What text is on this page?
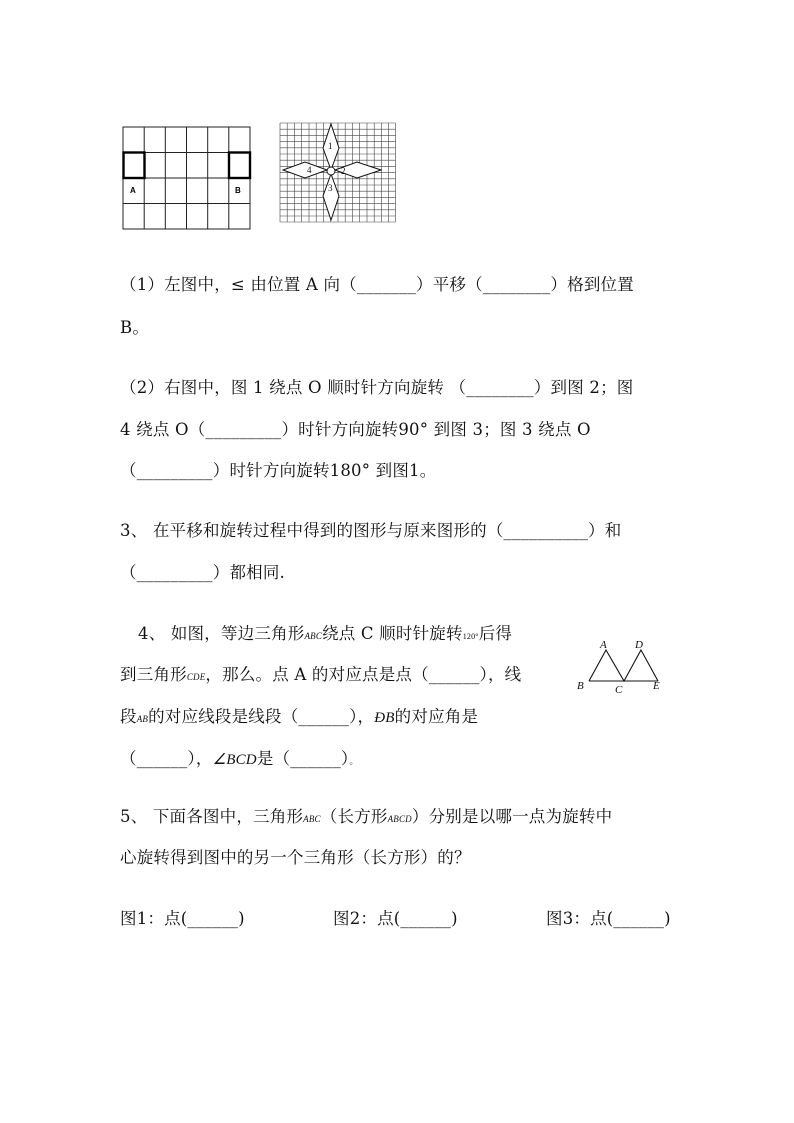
A	B
1
2
3
4
（1）左图中，≤ 由位置 A 向（_______）平移（________）格到位置
B。
（2）右图中，图 1 绕点 O 顺时针方向旋转 （________）到图 2；图
4 绕点 O（_________）时针方向旋转90° 到图 3；图 3 绕点 O
（_________）时针方向旋转180° 到图1。
3、 在平移和旋转过程中得到的图形与原来图形的（__________）和
（_________）都相同.
4、 如图，等边三角形ABC绕点 C 顺时针旋转120°后得
到三角形CDE，那么。点 A 的对应点是点（______），线
段AB的对应线段是线段（______），ÐB的对应角是
（______），∠BCD是（______）。
A
B	C
D
E
5、 下面各图中，三角形ABC（长方形ABCD）分别是以哪一点为旋转中
心旋转得到图中的另一个三角形（长方形）的？
图1：点(______)	图2：点(______)	图3：点(______)
